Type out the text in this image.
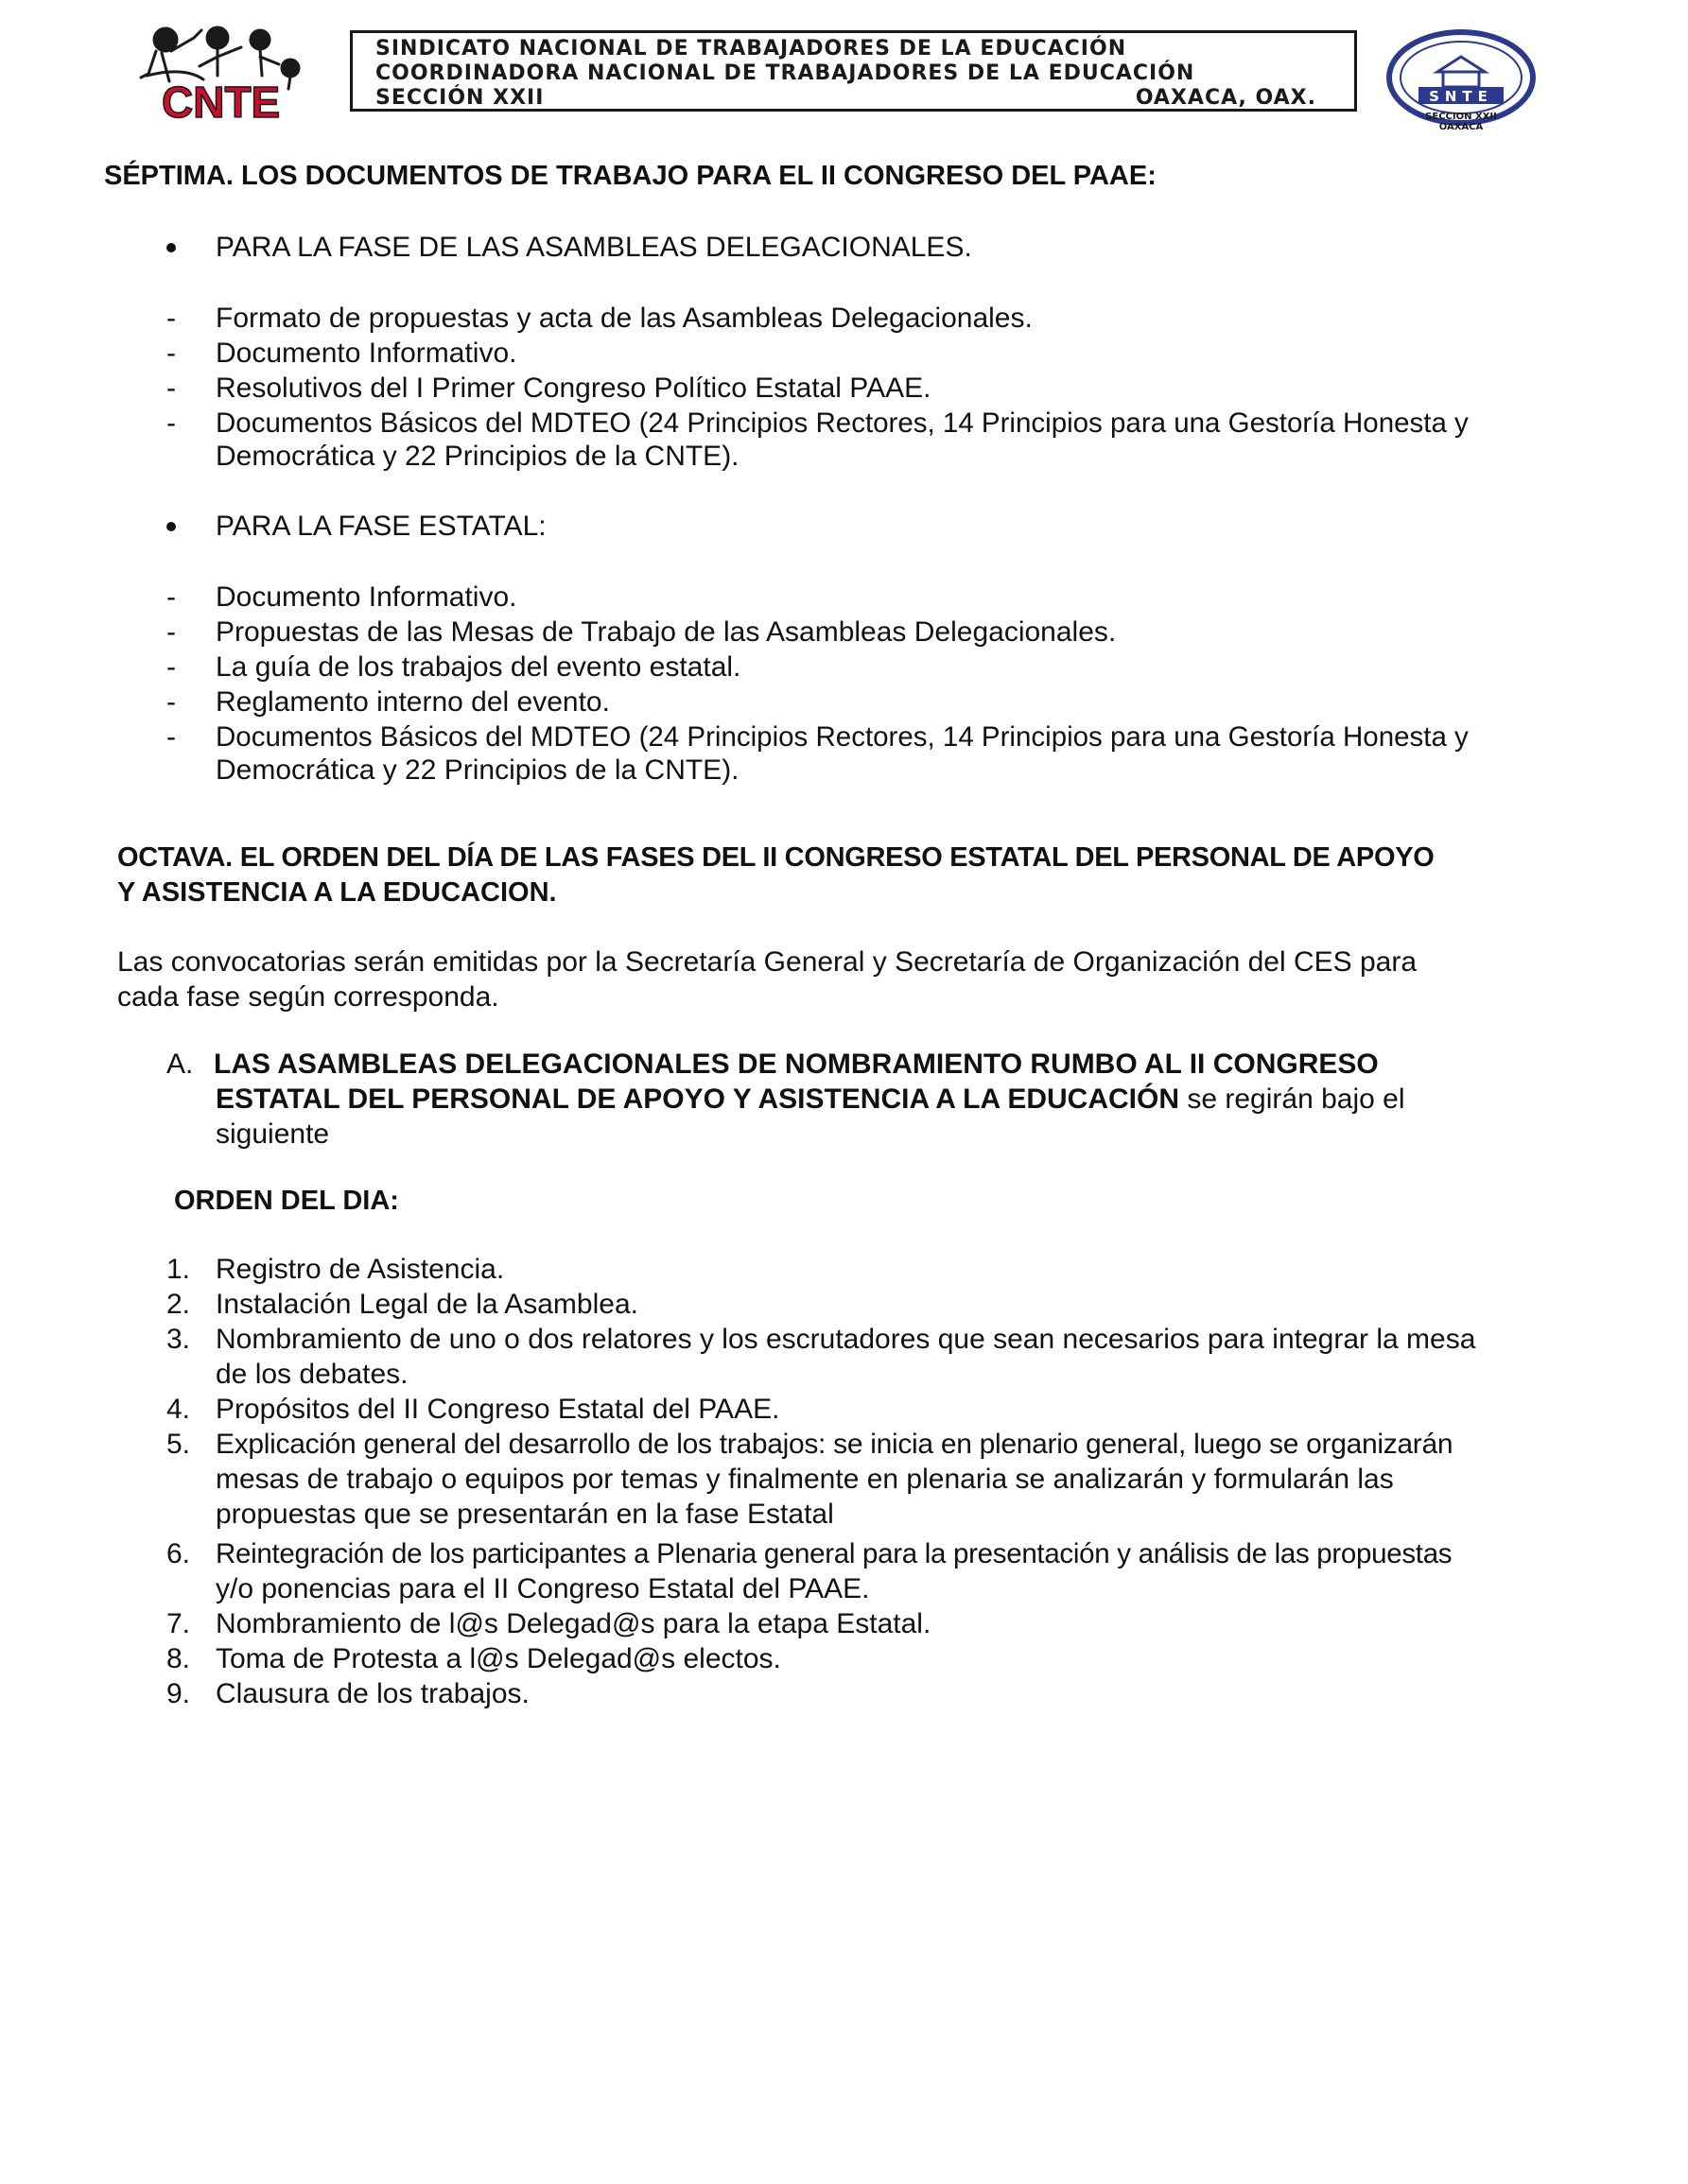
CNTE
SINDICATO NACIONAL DE TRABAJADORES DE LA EDUCACIÓN
COORDINADORA NACIONAL DE TRABAJADORES DE LA EDUCACIÓN
SECCIÓN XXII	OAXACA, OAX.	SNTE
SECCION XXII
OAXACA
SÉPTIMA. LOS DOCUMENTOS DE TRABAJO PARA EL II CONGRESO DEL PAAE:
PARA LA FASE DE LAS ASAMBLEAS DELEGACIONALES.
- Formato de propuestas y acta de las Asambleas Delegacionales.
- Documento Informativo.
- Resolutivos del I Primer Congreso Político Estatal PAAE.
- Documentos Básicos del MDTEO (24 Principios Rectores, 14 Principios para una Gestoría Honesta y
Democrática y 22 Principios de la CNTE).
PARA LA FASE ESTATAL:
- Documento Informativo.
- Propuestas de las Mesas de Trabajo de las Asambleas Delegacionales.
- La guía de los trabajos del evento estatal.
- Reglamento interno del evento.
- Documentos Básicos del MDTEO (24 Principios Rectores, 14 Principios para una Gestoría Honesta y
Democrática y 22 Principios de la CNTE).
OCTAVA. EL ORDEN DEL DÍA DE LAS FASES DEL II CONGRESO ESTATAL DEL PERSONAL DE APOYO
Y ASISTENCIA A LA EDUCACION.
Las convocatorias serán emitidas por la Secretaría General y Secretaría de Organización del CES para
cada fase según corresponda.
A. LAS ASAMBLEAS DELEGACIONALES DE NOMBRAMIENTO RUMBO AL II CONGRESO
ESTATAL DEL PERSONAL DE APOYO Y ASISTENCIA A LA EDUCACIÓN se regirán bajo el
siguiente
ORDEN DEL DIA:
1. Registro de Asistencia.
2. Instalación Legal de la Asamblea.
3. Nombramiento de uno o dos relatores y los escrutadores que sean necesarios para integrar la mesa
de los debates.
4. Propósitos del II Congreso Estatal del PAAE.
5. Explicación general del desarrollo de los trabajos: se inicia en plenario general, luego se organizarán
mesas de trabajo o equipos por temas y finalmente en plenaria se analizarán y formularán las
propuestas que se presentarán en la fase Estatal
6. Reintegración de los participantes a Plenaria general para la presentación y análisis de las propuestas
y/o ponencias para el II Congreso Estatal del PAAE.
7. Nombramiento de l@s Delegad@s para la etapa Estatal.
8. Toma de Protesta a l@s Delegad@s electos.
9. Clausura de los trabajos.
